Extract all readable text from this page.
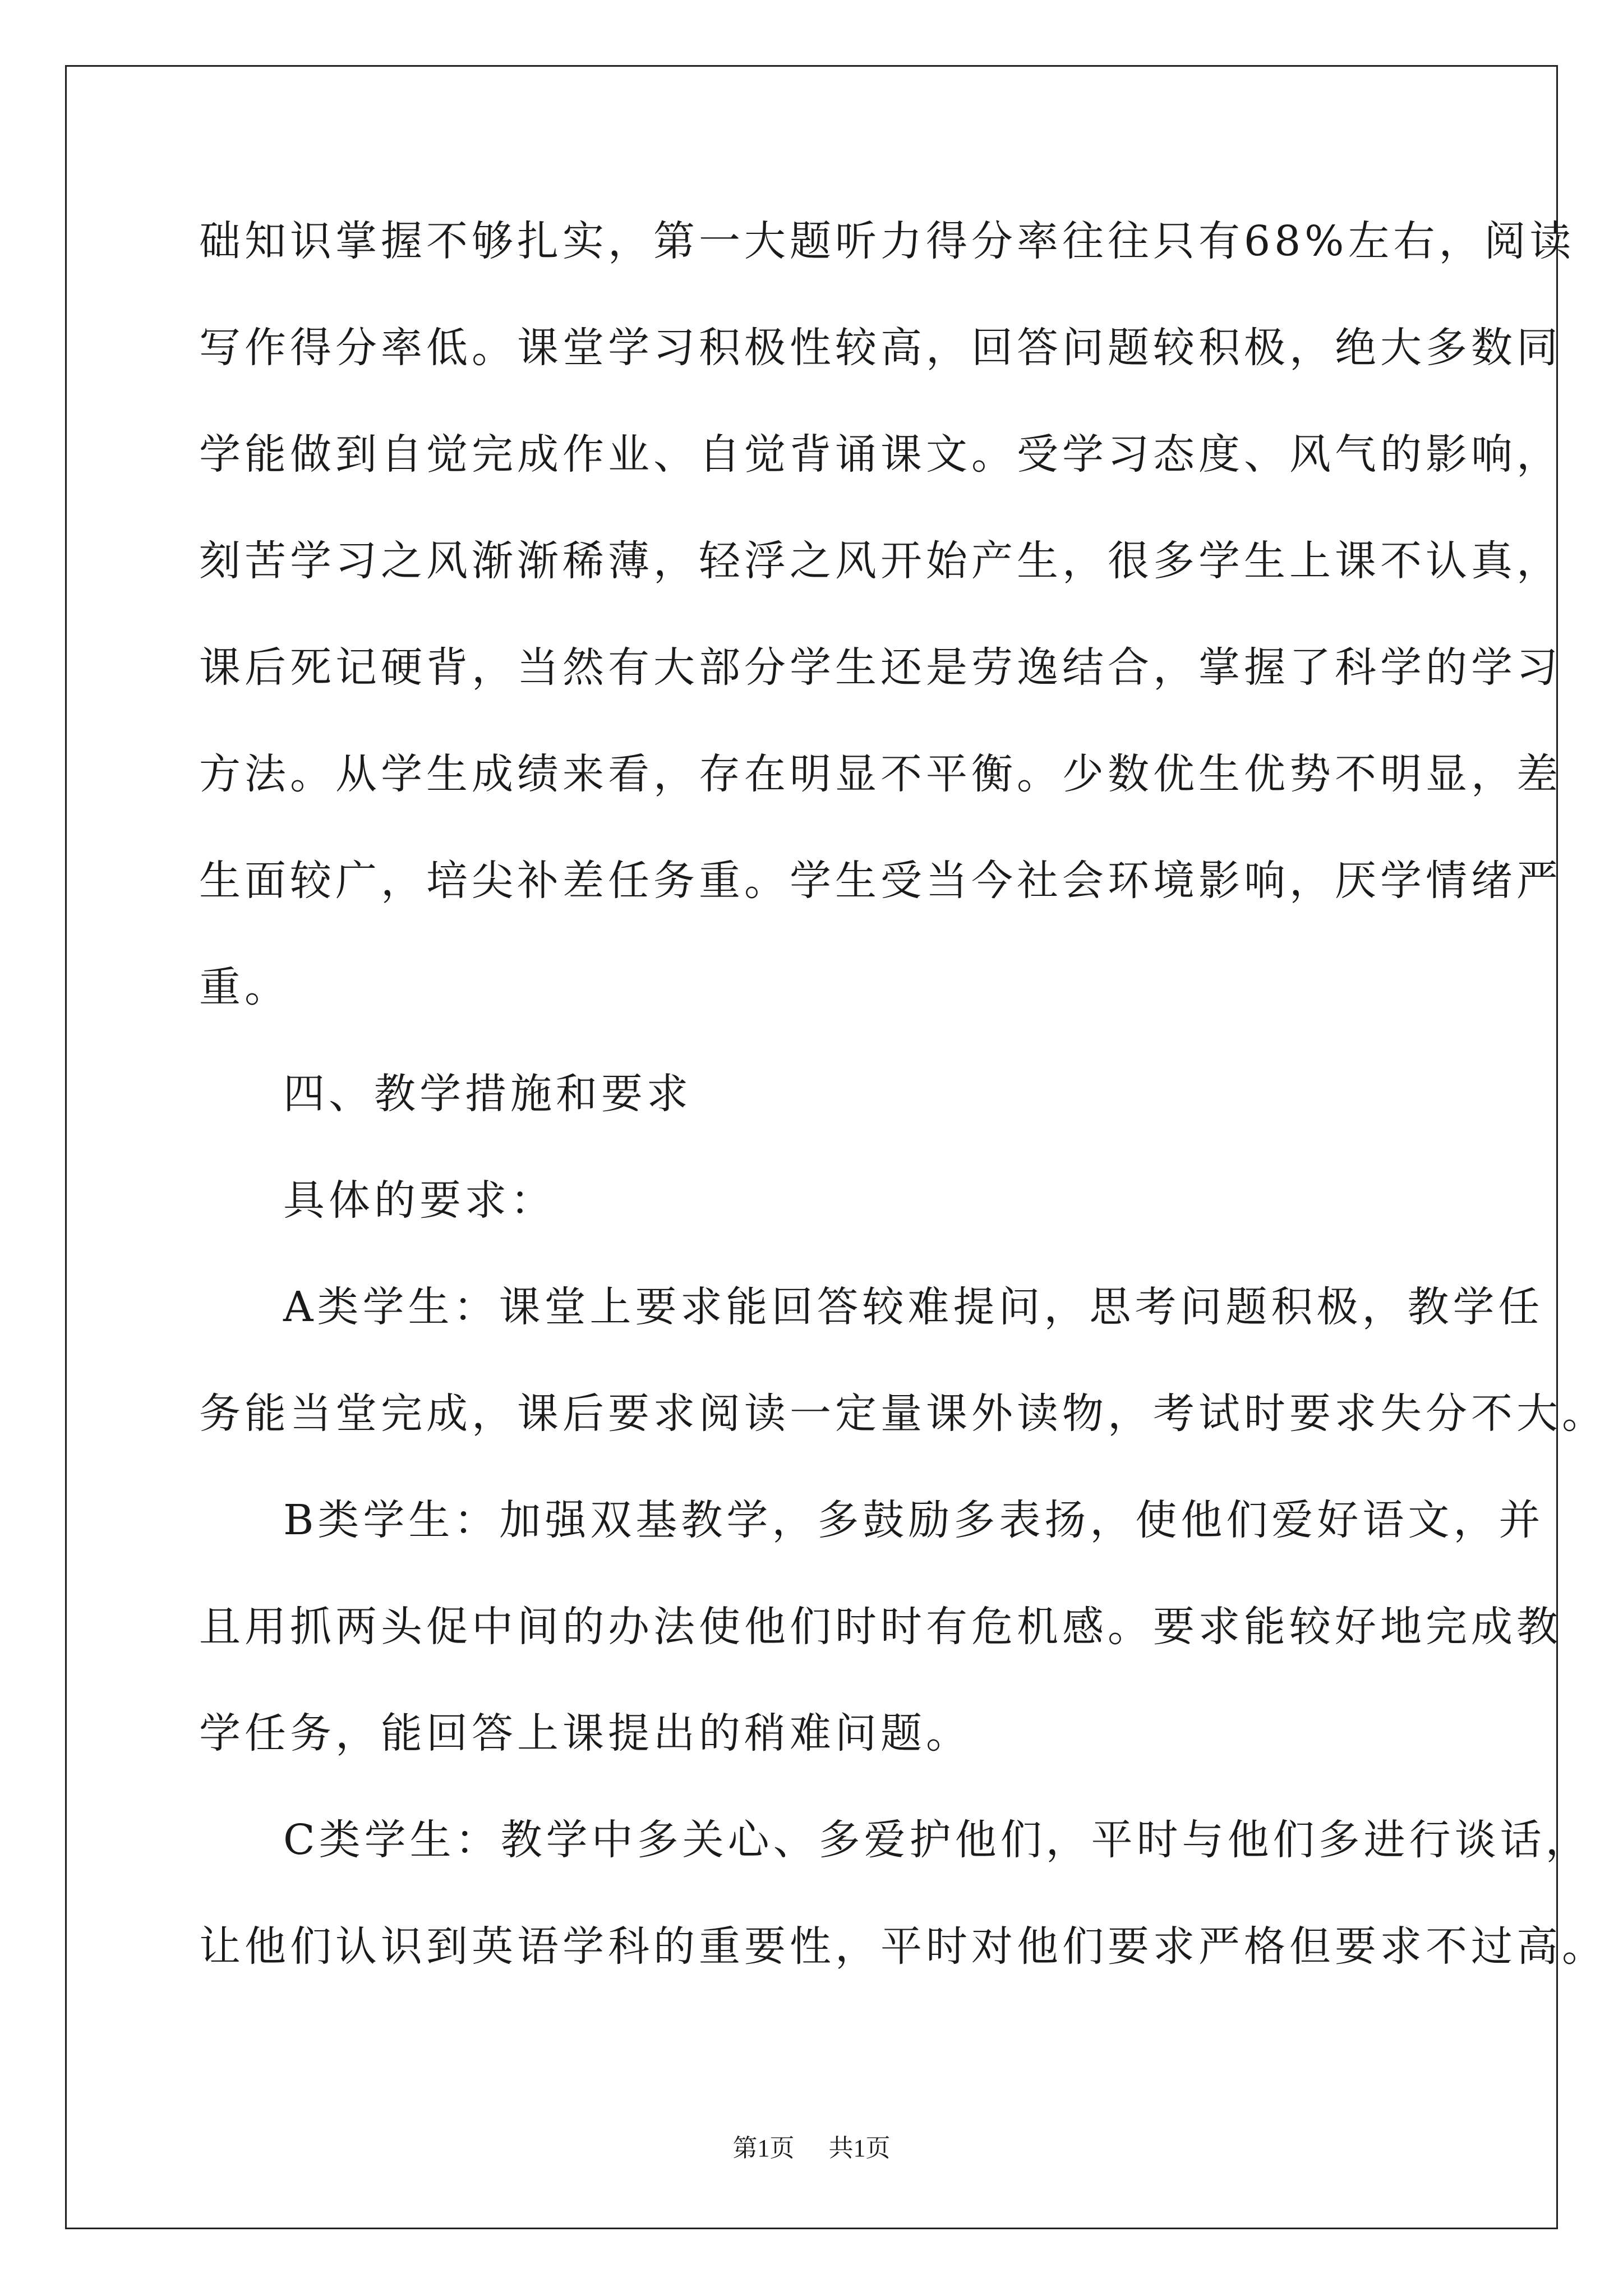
础知识掌握不够扎实，第一大题听力得分率往往只有68%左右，阅读
写作得分率低。课堂学习积极性较高，回答问题较积极，绝大多数同
学能做到自觉完成作业、自觉背诵课文。受学习态度、风气的影响，
刻苦学习之风渐渐稀薄，轻浮之风开始产生，很多学生上课不认真，
课后死记硬背，当然有大部分学生还是劳逸结合，掌握了科学的学习
方法。从学生成绩来看，存在明显不平衡。少数优生优势不明显，差
生面较广，培尖补差任务重。学生受当今社会环境影响，厌学情绪严
重。
四、教学措施和要求
具体的要求：
A类学生：课堂上要求能回答较难提问，思考问题积极，教学任
务能当堂完成，课后要求阅读一定量课外读物，考试时要求失分不大。
B类学生：加强双基教学，多鼓励多表扬，使他们爱好语文，并
且用抓两头促中间的办法使他们时时有危机感。要求能较好地完成教
学任务，能回答上课提出的稍难问题。
C类学生：教学中多关心、多爱护他们，平时与他们多进行谈话，
让他们认识到英语学科的重要性，平时对他们要求严格但要求不过高。
第1页 共1页
